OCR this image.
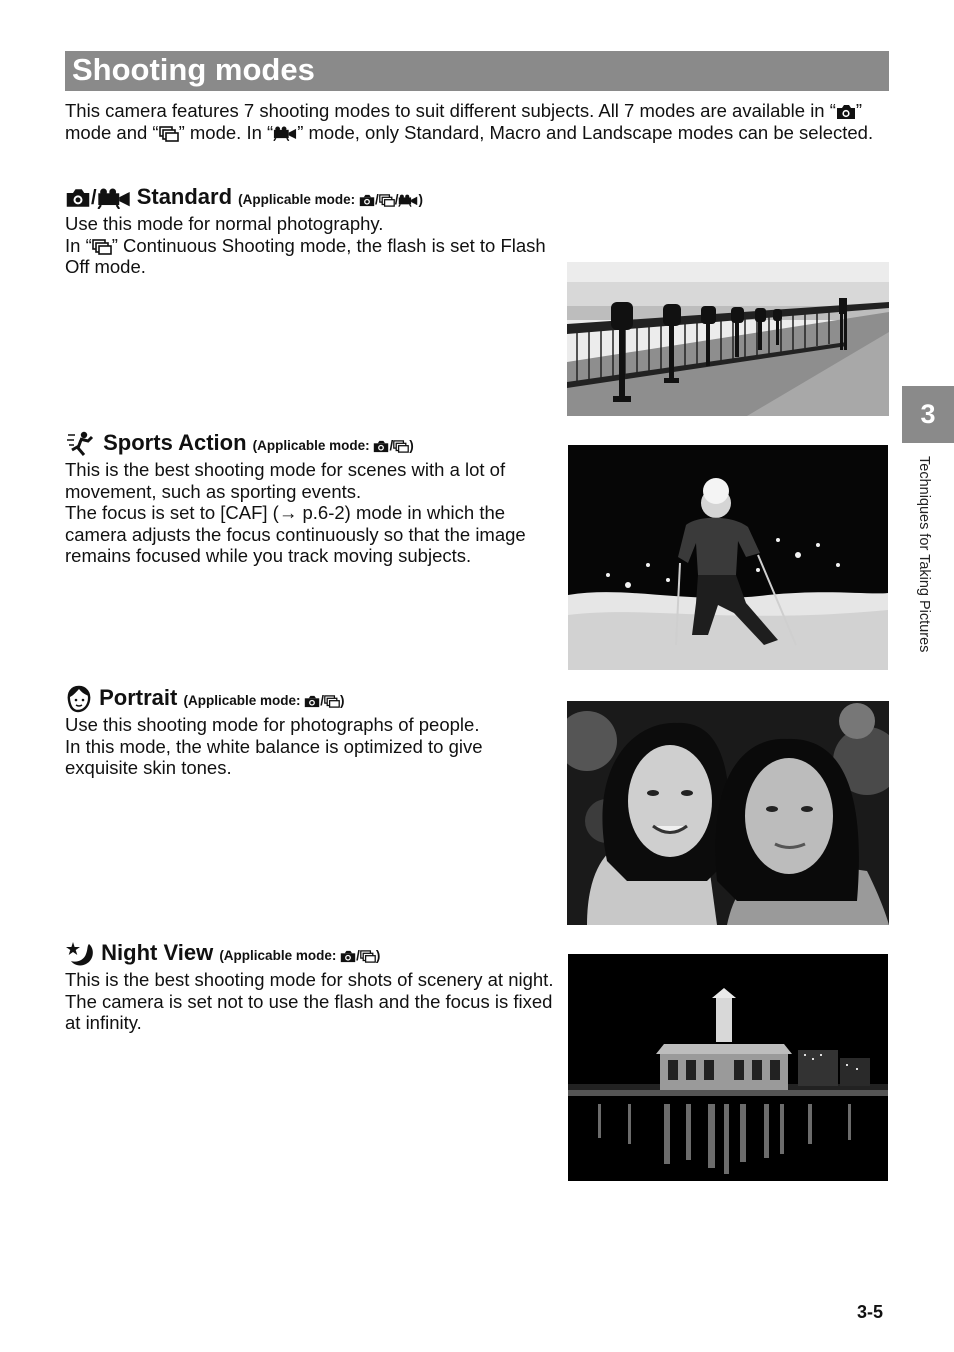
Shooting modes
This camera features 7 shooting modes to suit different subjects. All 7 modes are available in “ ” mode and “ ” mode. In “ ” mode, only Standard, Macro and Landscape modes can be selected.
/ Standard (Applicable mode: / / )

Use this mode for normal photography.

In “ ” Continuous Shooting mode, the flash is set to Flash Off mode.

Sports Action (Applicable mode: / )

This is the best shooting mode for scenes with a lot of movement, such as sporting events.

The focus is set to [CAF] (→ p.6-2) mode in which the camera adjusts the focus continuously so that the image remains focused while you track moving subjects.

Portrait (Applicable mode: / )

Use this shooting mode for photographs of people.

In this mode, the white balance is optimized to give exquisite skin tones.

Night View (Applicable mode: / )

This is the best shooting mode for shots of scenery at night.

The camera is set not to use the flash and the focus is fixed at infinity.

3
Techniques for Taking Pictures
3-5
